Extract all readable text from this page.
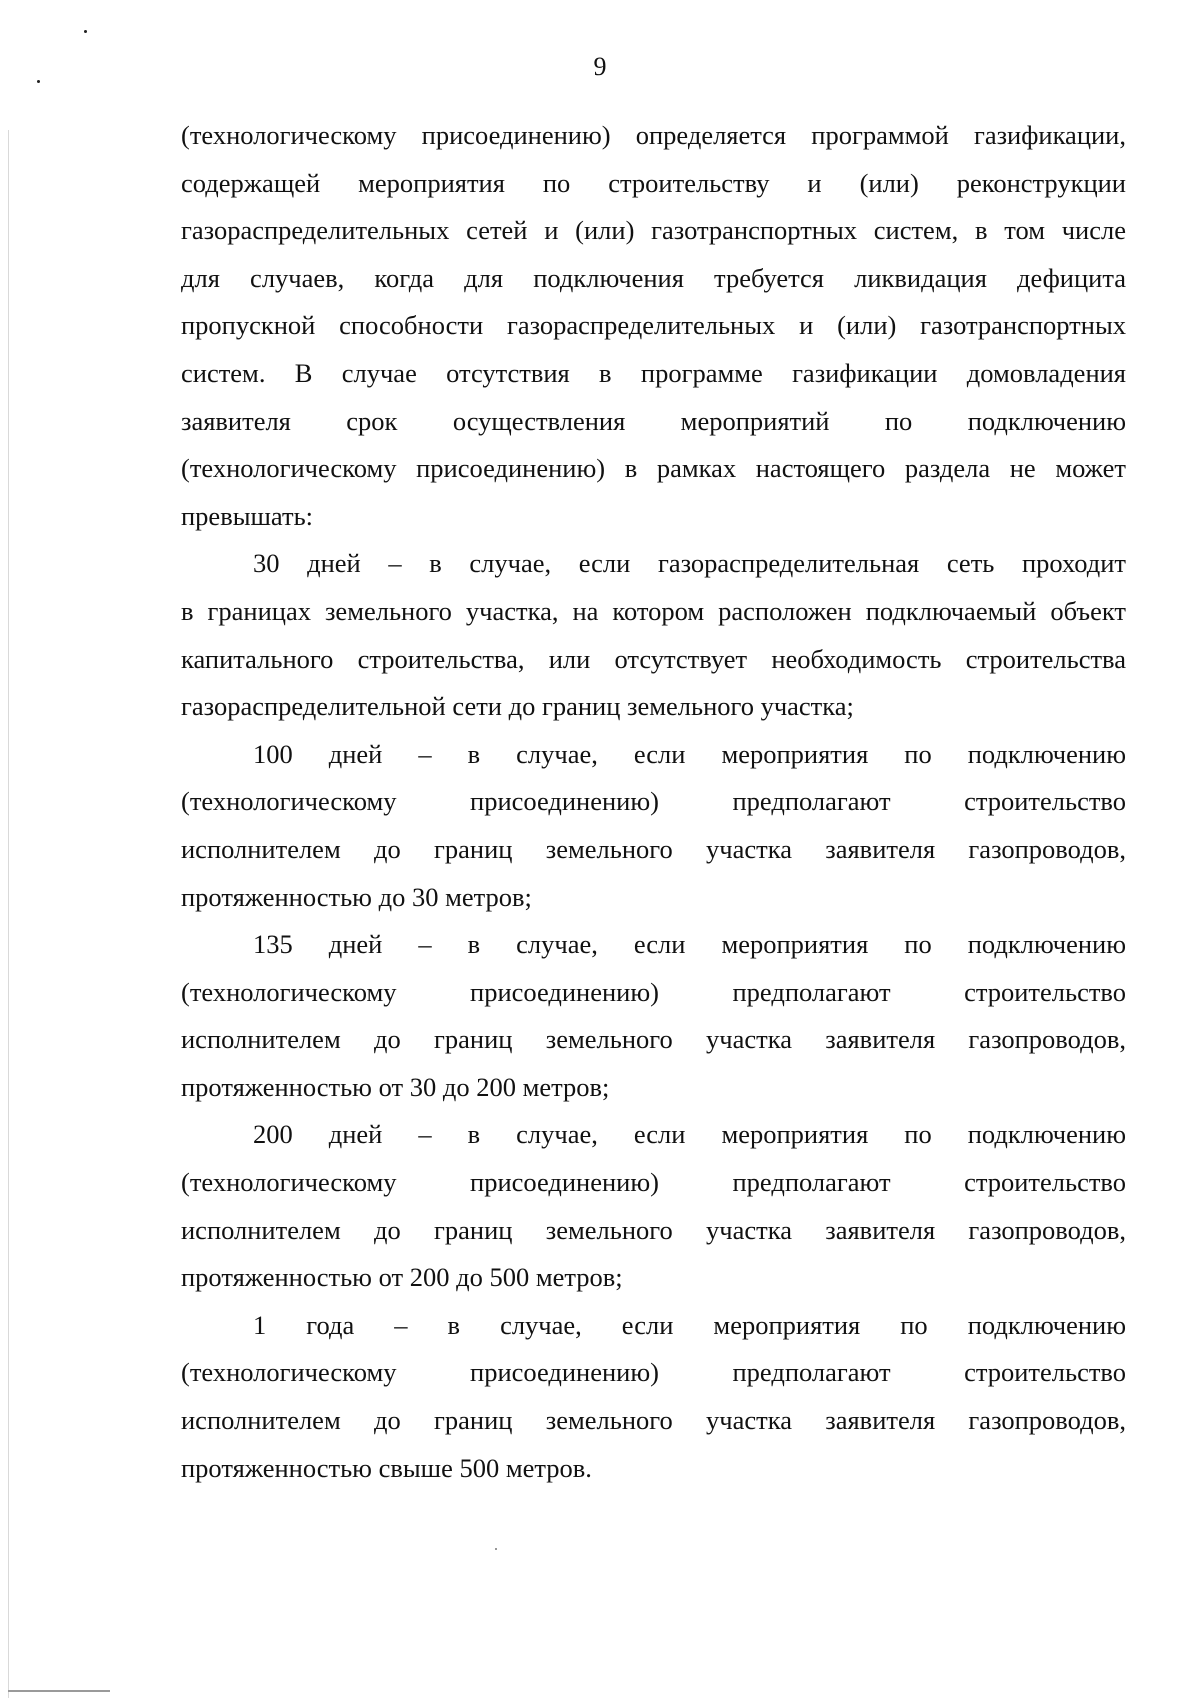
9

(технологическому присоединению) определяется программой газификации,

содержащей мероприятия по строительству и (или) реконструкции

газораспределительных сетей и (или) газотранспортных систем, в том числе

для случаев, когда для подключения требуется ликвидация дефицита

пропускной способности газораспределительных и (или) газотранспортных

систем. В случае отсутствия в программе газификации домовладения

заявителя срок осуществления мероприятий по подключению

(технологическому присоединению) в рамках настоящего раздела не может

превышать:

30 дней – в случае, если газораспределительная сеть проходит

в границах земельного участка, на котором расположен подключаемый объект

капитального строительства, или отсутствует необходимость строительства

газораспределительной сети до границ земельного участка;

100 дней – в случае, если мероприятия по подключению

(технологическому присоединению) предполагают строительство

исполнителем до границ земельного участка заявителя газопроводов,

протяженностью до 30 метров;

135 дней – в случае, если мероприятия по подключению

(технологическому присоединению) предполагают строительство

исполнителем до границ земельного участка заявителя газопроводов,

протяженностью от 30 до 200 метров;

200 дней – в случае, если мероприятия по подключению

(технологическому присоединению) предполагают строительство

исполнителем до границ земельного участка заявителя газопроводов,

протяженностью от 200 до 500 метров;

1 года – в случае, если мероприятия по подключению

(технологическому присоединению) предполагают строительство

исполнителем до границ земельного участка заявителя газопроводов,

протяженностью свыше 500 метров.
